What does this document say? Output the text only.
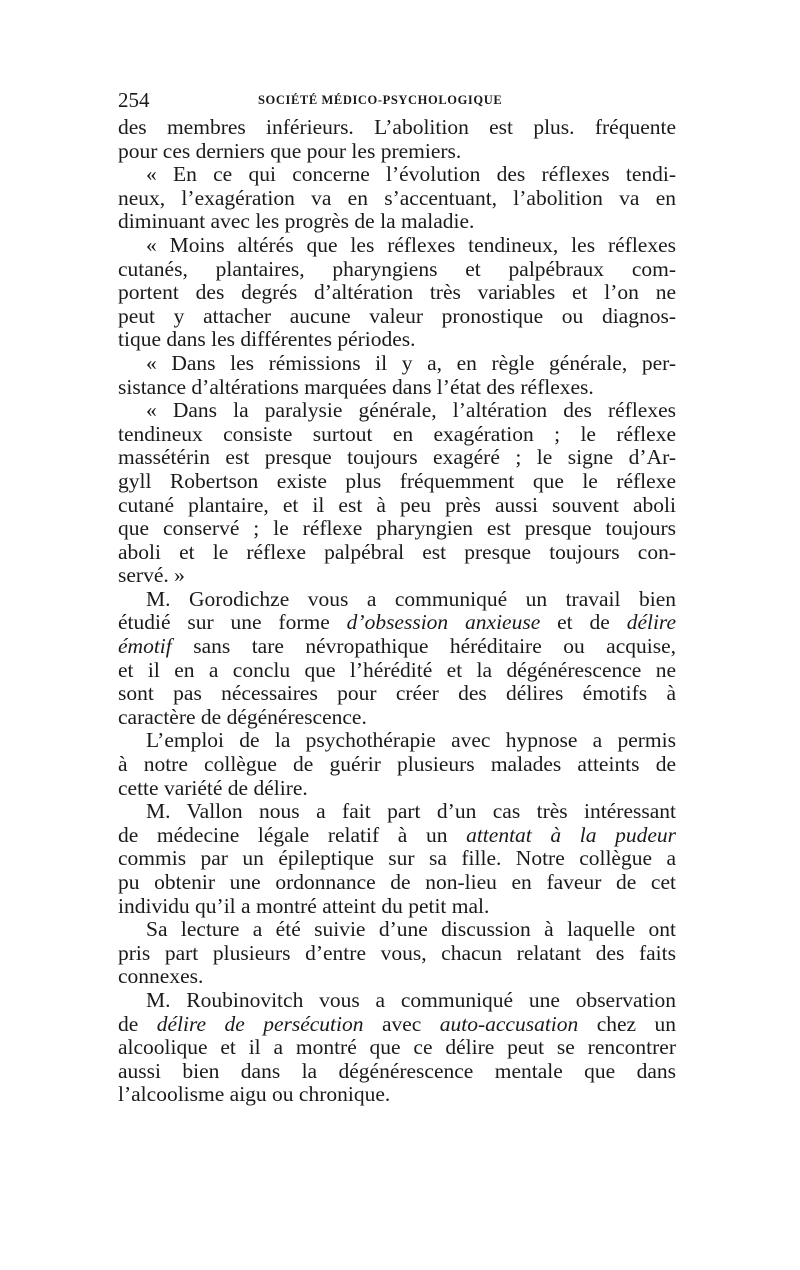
254	SOCIÉTÉ MÉDICO-PSYCHOLOGIQUE
des membres inférieurs. L’abolition est plus. fréquente
pour ces derniers que pour les premiers.
« En ce qui concerne l’évolution des réflexes tendi-
neux, l’exagération va en s’accentuant, l’abolition va en
diminuant avec les progrès de la maladie.
« Moins altérés que les réflexes tendineux, les réflexes
cutanés, plantaires, pharyngiens et palpébraux com-
portent des degrés d’altération très variables et l’on ne
peut y attacher aucune valeur pronostique ou diagnos-
tique dans les différentes périodes.
« Dans les rémissions il y a, en règle générale, per-
sistance d’altérations marquées dans l’état des réflexes.
« Dans la paralysie générale, l’altération des réflexes
tendineux consiste surtout en exagération ; le réflexe
massétérin est presque toujours exagéré ; le signe d’Ar-
gyll Robertson existe plus fréquemment que le réflexe
cutané plantaire, et il est à peu près aussi souvent aboli
que conservé ; le réflexe pharyngien est presque toujours
aboli et le réflexe palpébral est presque toujours con-
servé. »
M. Gorodichze vous a communiqué un travail bien
étudié sur une forme d’obsession anxieuse et de délire
émotif sans tare névropathique héréditaire ou acquise,
et il en a conclu que l’hérédité et la dégénérescence ne
sont pas nécessaires pour créer des délires émotifs à
caractère de dégénérescence.
L’emploi de la psychothérapie avec hypnose a permis
à notre collègue de guérir plusieurs malades atteints de
cette variété de délire.
M. Vallon nous a fait part d’un cas très intéressant
de médecine légale relatif à un attentat à la pudeur
commis par un épileptique sur sa fille. Notre collègue a
pu obtenir une ordonnance de non-lieu en faveur de cet
individu qu’il a montré atteint du petit mal.
Sa lecture a été suivie d’une discussion à laquelle ont
pris part plusieurs d’entre vous, chacun relatant des faits
connexes.
M. Roubinovitch vous a communiqué une observation
de délire de persécution avec auto-accusation chez un
alcoolique et il a montré que ce délire peut se rencontrer
aussi bien dans la dégénérescence mentale que dans
l’alcoolisme aigu ou chronique.
